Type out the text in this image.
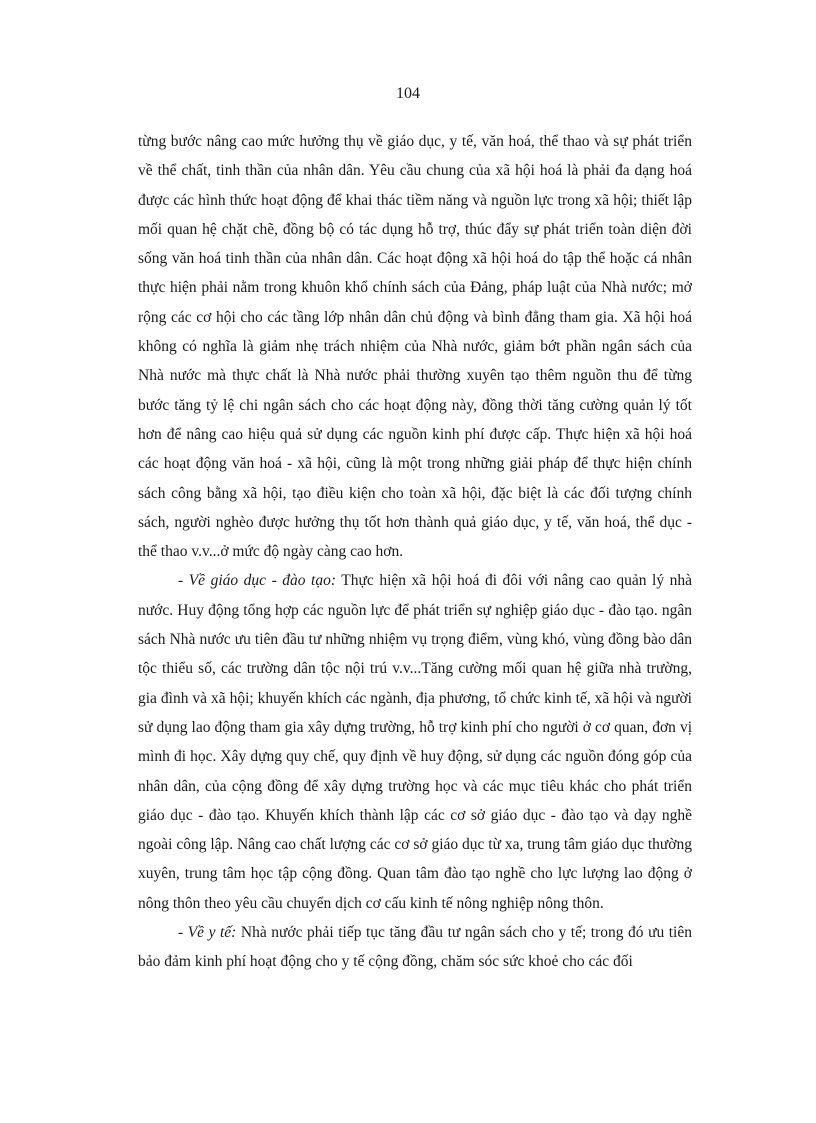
104

từng bước nâng cao mức hưởng thụ về giáo dục, y tế, văn hoá, thể thao và sự phát triển về thể chất, tinh thần của nhân dân. Yêu cầu chung của xã hội hoá là phải đa dạng hoá được các hình thức hoạt động để khai thác tiềm năng và nguồn lực trong xã hội; thiết lập mối quan hệ chặt chẽ, đồng bộ có tác dụng hỗ trợ, thúc đẩy sự phát triển toàn diện đời sống văn hoá tinh thần của nhân dân. Các hoạt động xã hội hoá do tập thể hoặc cá nhân thực hiện phải nằm trong khuôn khổ chính sách của Đảng, pháp luật của Nhà nước; mở rộng các cơ hội cho các tầng lớp nhân dân chủ động và bình đẳng tham gia. Xã hội hoá không có nghĩa là giảm nhẹ trách nhiệm của Nhà nước, giảm bớt phần ngân sách của Nhà nước mà thực chất là Nhà nước phải thường xuyên tạo thêm nguồn thu để từng bước tăng tỷ lệ chi ngân sách cho các hoạt động này, đồng thời tăng cường quản lý tốt hơn để nâng cao hiệu quả sử dụng các nguồn kinh phí được cấp. Thực hiện xã hội hoá các hoạt động văn hoá - xã hội, cũng là một trong những giải pháp để thực hiện chính sách công bằng xã hội, tạo điều kiện cho toàn xã hội, đặc biệt là các đối tượng chính sách, người nghèo được hưởng thụ tốt hơn thành quả giáo dục, y tế, văn hoá, thể dục - thể thao v.v...ở mức độ ngày càng cao hơn.

- Về giáo dục - đào tạo: Thực hiện xã hội hoá đi đôi với nâng cao quản lý nhà nước. Huy động tổng hợp các nguồn lực để phát triển sự nghiệp giáo dục - đào tạo. ngân sách Nhà nước ưu tiên đầu tư những nhiệm vụ trọng điểm, vùng khó, vùng đồng bào dân tộc thiểu số, các trường dân tộc nội trú v.v...Tăng cường mối quan hệ giữa nhà trường, gia đình và xã hội; khuyến khích các ngành, địa phương, tổ chức kinh tế, xã hội và người sử dụng lao động tham gia xây dựng trường, hỗ trợ kinh phí cho người ở cơ quan, đơn vị mình đi học. Xây dựng quy chế, quy định về huy động, sử dụng các nguồn đóng góp của nhân dân, của cộng đồng để xây dựng trường học và các mục tiêu khác cho phát triển giáo dục - đào tạo. Khuyến khích thành lập các cơ sở giáo dục - đào tạo và dạy nghề ngoài công lập. Nâng cao chất lượng các cơ sở giáo dục từ xa, trung tâm giáo dục thường xuyên, trung tâm học tập cộng đồng. Quan tâm đào tạo nghề cho lực lượng lao động ở nông thôn theo yêu cầu chuyển dịch cơ cấu kinh tế nông nghiệp nông thôn.

- Về y tế: Nhà nước phải tiếp tục tăng đầu tư ngân sách cho y tế; trong đó ưu tiên bảo đảm kinh phí hoạt động cho y tế cộng đồng, chăm sóc sức khoẻ cho các đối
